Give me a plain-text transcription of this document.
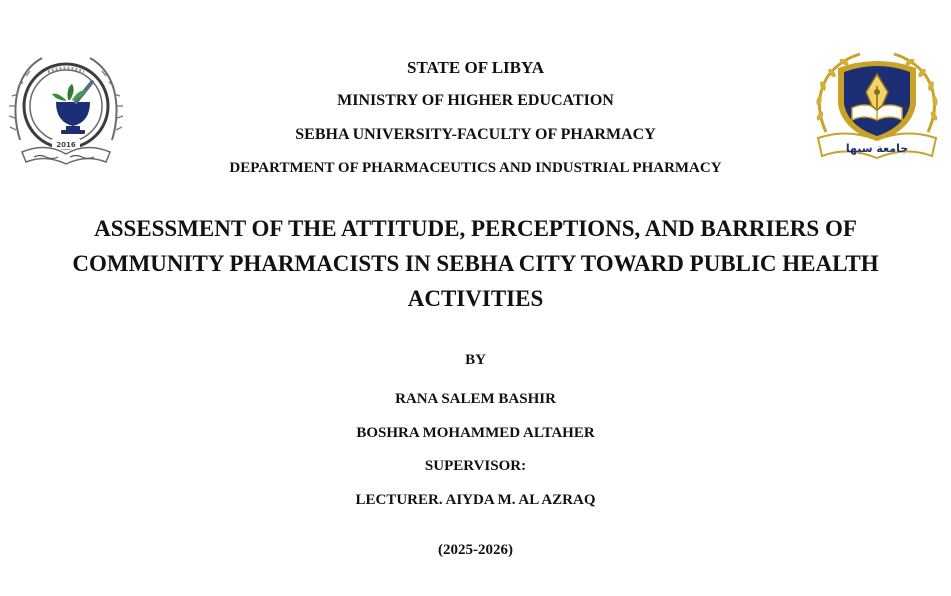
2016	جامعة سبها
STATE OF LIBYA
MINISTRY OF HIGHER EDUCATION
SEBHA UNIVERSITY-FACULTY OF PHARMACY
DEPARTMENT OF PHARMACEUTICS AND INDUSTRIAL PHARMACY
ASSESSMENT OF THE ATTITUDE, PERCEPTIONS, AND BARRIERS OF
COMMUNITY PHARMACISTS IN SEBHA CITY TOWARD PUBLIC HEALTH
ACTIVITIES
BY
RANA SALEM BASHIR
BOSHRA MOHAMMED ALTAHER
SUPERVISOR:
LECTURER. AIYDA M. AL AZRAQ
(2025-2026)
